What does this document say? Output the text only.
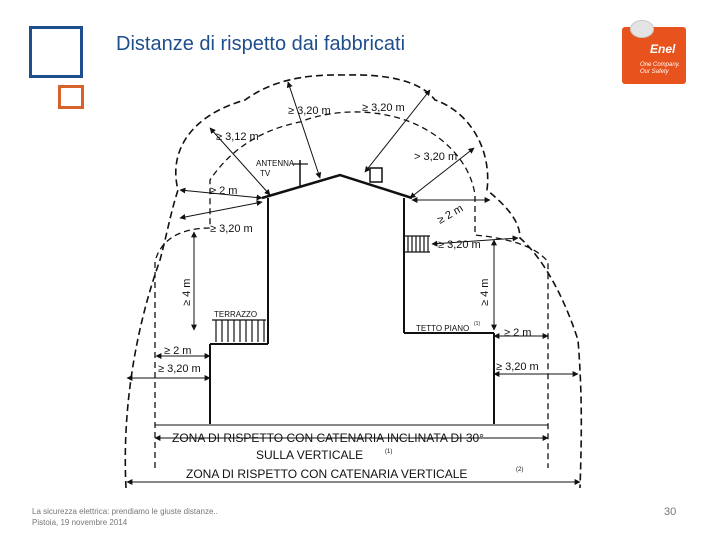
Distanze di rispetto dai fabbricati	Enel
One Company.
Our Safety
≥ 3,20 m	≥ 3,20 m
≥ 3,12 m
ANTENNA
TV
> 3,20 m
≥ 2 m
≥ 3,20 m
≥ 2 m
≥ 3,20 m
≥ 4 m	≥ 4 m
TERRAZZO
TETTO PIANO (1)
≥ 2 m
≥ 2 m
≥ 3,20 m	≥ 3,20 m
ZONA DI RISPETTO CON CATENARIA INCLINATA DI 30°
SULLA VERTICALE	(1)
ZONA DI RISPETTO CON CATENARIA VERTICALE	(2)
La sicurezza elettrica: prendiamo le giuste distanze..
Pistoia, 19 novembre 2014
30
